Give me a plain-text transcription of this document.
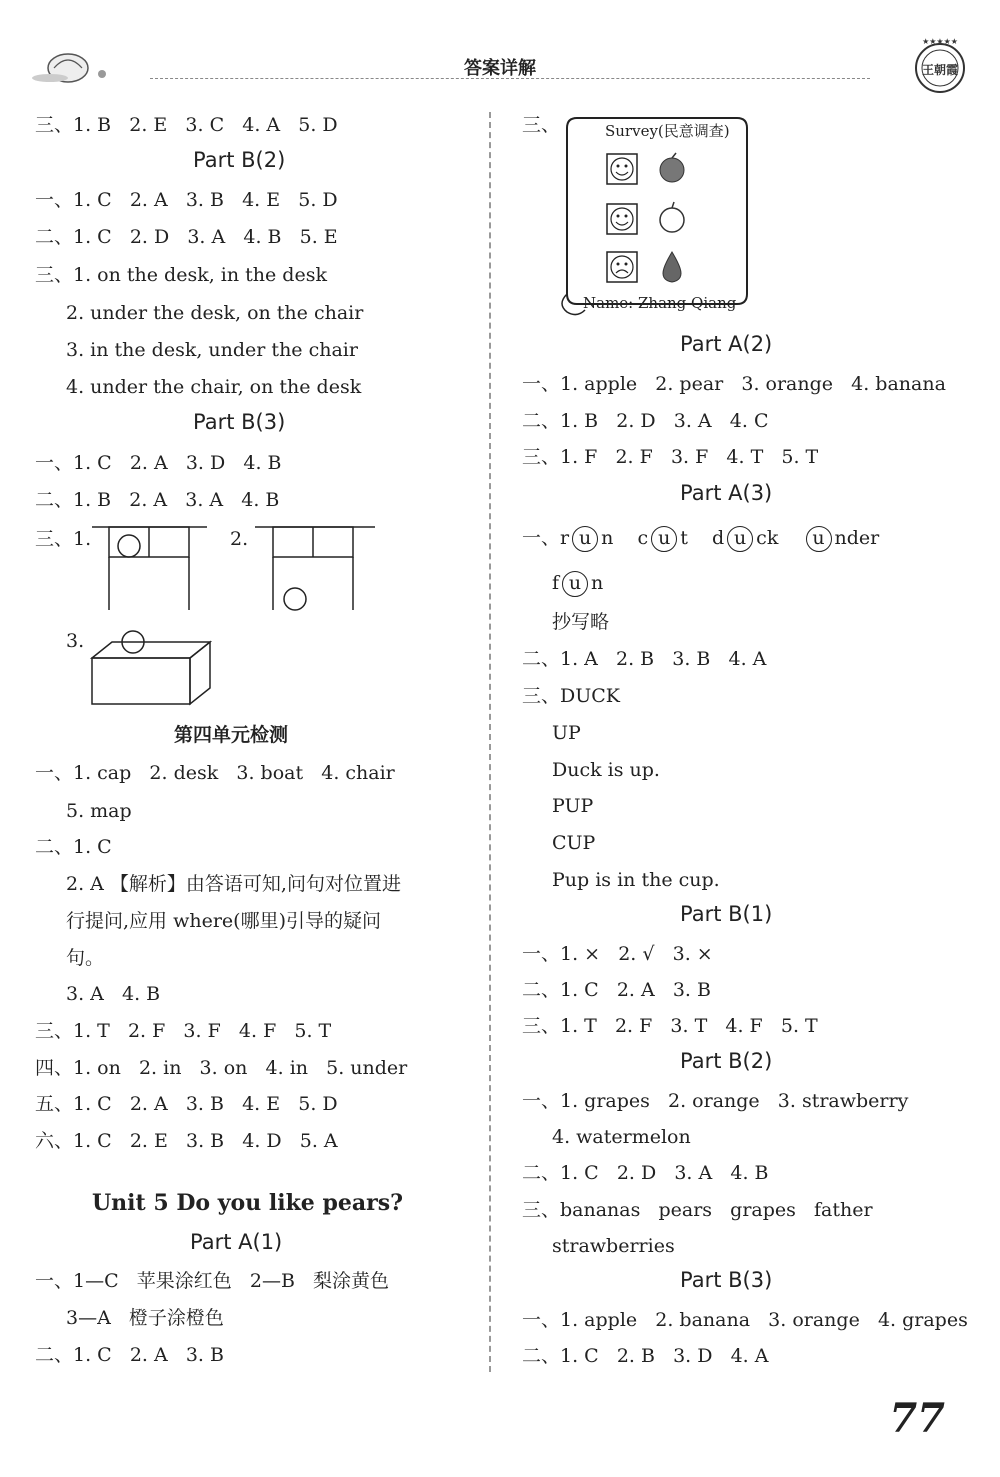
答案详解	王朝霞
★★★★★
三、1. B   2. E   3. C   4. A   5. D
Part B(2)
一、1. C   2. A   3. B   4. E   5. D
二、1. C   2. D   3. A   4. B   5. E
三、1. on the desk, in the desk
2. under the desk, on the chair
3. in the desk, under the chair
4. under the chair, on the desk
Part B(3)
一、1. C   2. A   3. D   4. B
二、1. B   2. A   3. A   4. B
三、1.	2.
3.
第四单元检测
一、1. cap   2. desk   3. boat   4. chair
5. map
二、1. C
2. A 【解析】由答语可知,问句对位置进
行提问,应用 where(哪里)引导的疑问
句。
3. A   4. B
三、1. T   2. F   3. F   4. F   5. T
四、1. on   2. in   3. on   4. in   5. under
五、1. C   2. A   3. B   4. E   5. D
六、1. C   2. E   3. B   4. D   5. A
Unit 5 Do you like pears?
Part A(1)
一、1—C   苹果涂红色   2—B   梨涂黄色
3—A   橙子涂橙色
二、1. C   2. A   3. B
三、	Survey(民意调查)
Name: Zhang Qiang
Part A(2)
一、1. apple   2. pear   3. orange   4. banana
二、1. B   2. D   3. A   4. C
三、1. F   2. F   3. F   4. T   5. T
Part A(3)
一、r u n c u t d u ck u nder
f u n
抄写略
二、1. A   2. B   3. B   4. A
三、DUCK
UP
Duck is up.
PUP
CUP
Pup is in the cup.
Part B(1)
一、1. ×   2. √   3. ×
二、1. C   2. A   3. B
三、1. T   2. F   3. T   4. F   5. T
Part B(2)
一、1. grapes   2. orange   3. strawberry
4. watermelon
二、1. C   2. D   3. A   4. B
三、bananas   pears   grapes   father
strawberries
Part B(3)
一、1. apple   2. banana   3. orange   4. grapes
二、1. C   2. B   3. D   4. A
77
